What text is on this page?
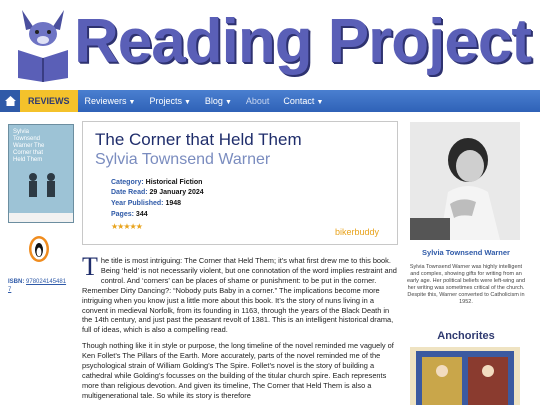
Reading Project
REVIEWS	Reviewers ▼	Projects ▼	Blog ▼	About	Contact ▼
Sylvia Townsend Warner The Corner that Held Them
ISBN: 9780241454817
The Corner that Held Them
Sylvia Townsend Warner
Category: Historical Fiction
Date Read: 29 January 2024
Year Published: 1948
Pages: 344
★★★★★
bikerbuddy

The title is most intriguing: The Corner that Held Them; it’s what first drew me to this book. Being ‘held’ is not necessarily violent, but one connotation of the word implies restraint and control. And ‘corners’ can be places of shame or punishment: to be put in the corner. Remember Dirty Dancing?: “Nobody puts Baby in a corner.” The implications become more intriguing when you know just a little more about this book. It’s the story of nuns living in a convent in medieval Norfolk, from its founding in 1163, through the years of the Black Death in the 14th century, and just past the peasant revolt of 1381. This is an intelligent historical drama, full of ideas, which is also a compelling read.

Though nothing like it in style or purpose, the long timeline of the novel reminded me vaguely of Ken Follet’s The Pillars of the Earth. More accurately, parts of the novel reminded me of the psychological strain of William Golding’s The Spire. Follet’s novel is the story of building a cathedral while Golding’s focusses on the building of the titular church spire. Each represents more than religious devotion. And given its timeline, The Corner that Held Them is also a multigenerational tale. So while its story is therefore

Sylvia Townsend Warner
Sylvia Townsend Warner was highly intelligent and complex, showing gifts for writing from an early age. Her political beliefs were left-wing and her writing was sometimes critical of the church. Despite this, Warner converted to Catholicism in 1952.
Anchorites
